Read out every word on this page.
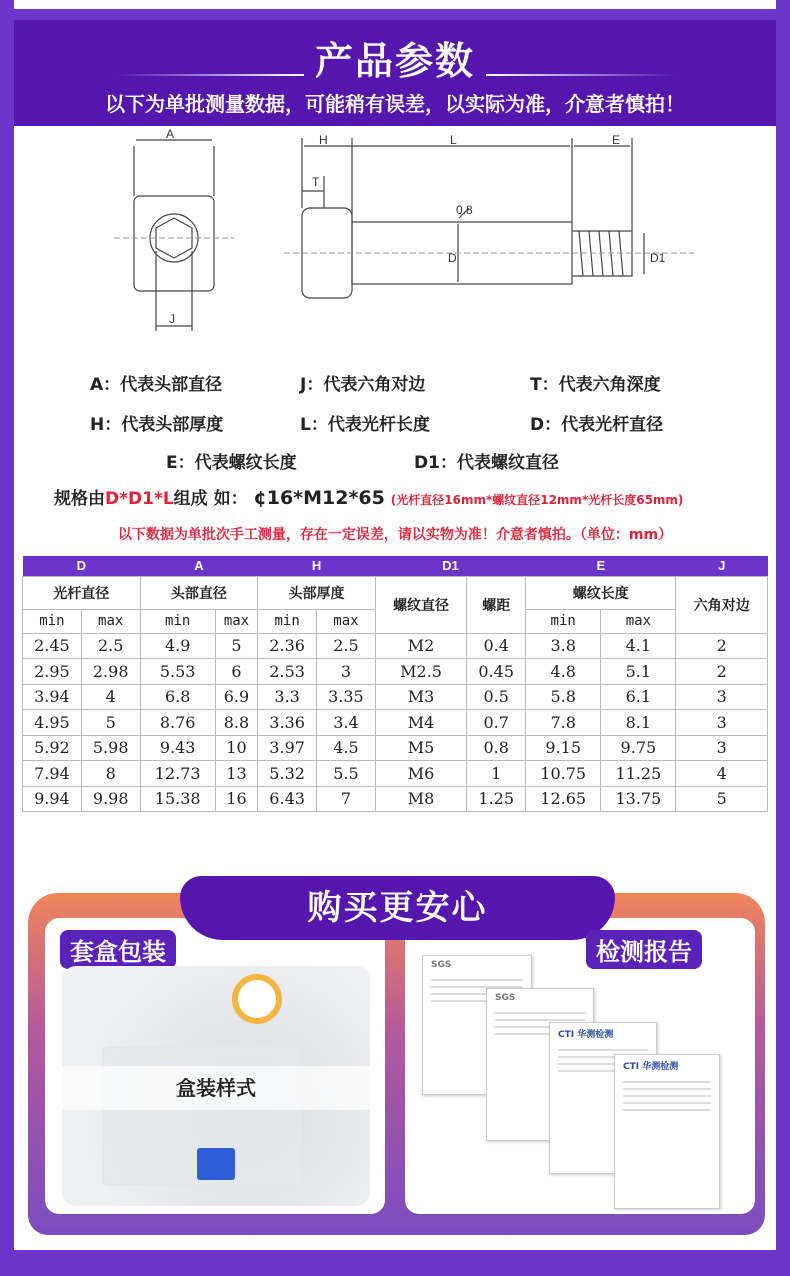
产品参数
以下为单批测量数据，可能稍有误差，以实际为准，介意者慎拍！
A
J
H
T
L	E
D	D1
0.8
A：代表头部直径	J：代表六角对边	T：代表六角深度
H：代表头部厚度	L：代表光杆长度	D：代表光杆直径
E：代表螺纹长度	D1：代表螺纹直径
规格由D*D1*L组成 如： ¢16*M12*65 (光杆直径16mm*螺纹直径12mm*光杆长度65mm)
以下数据为单批次手工测量，存在一定误差，请以实物为准！介意者慎拍。（单位：mm）
D		A		H		D1		E		J
光杆直径		头部直径		头部厚度		螺纹直径	螺距	螺纹长度		六角对边
min	max	min	max	min	max			min	max	
2.45	2.5	4.9	5	2.36	2.5	M2	0.4	3.8	4.1	2
2.95	2.98	5.53	6	2.53	3	M2.5	0.45	4.8	5.1	2
3.94	4	6.8	6.9	3.3	3.35	M3	0.5	5.8	6.1	3
4.95	5	8.76	8.8	3.36	3.4	M4	0.7	7.8	8.1	3
5.92	5.98	9.43	10	3.97	4.5	M5	0.8	9.15	9.75	3
7.94	8	12.73	13	5.32	5.5	M6	1	10.75	11.25	4
9.94	9.98	15.38	16	6.43	7	M8	1.25	12.65	13.75	5
购买更安心
套盒包装	检测报告
盒装样式
SGS
SGS
CTI 华测检测
CTI 华测检测
